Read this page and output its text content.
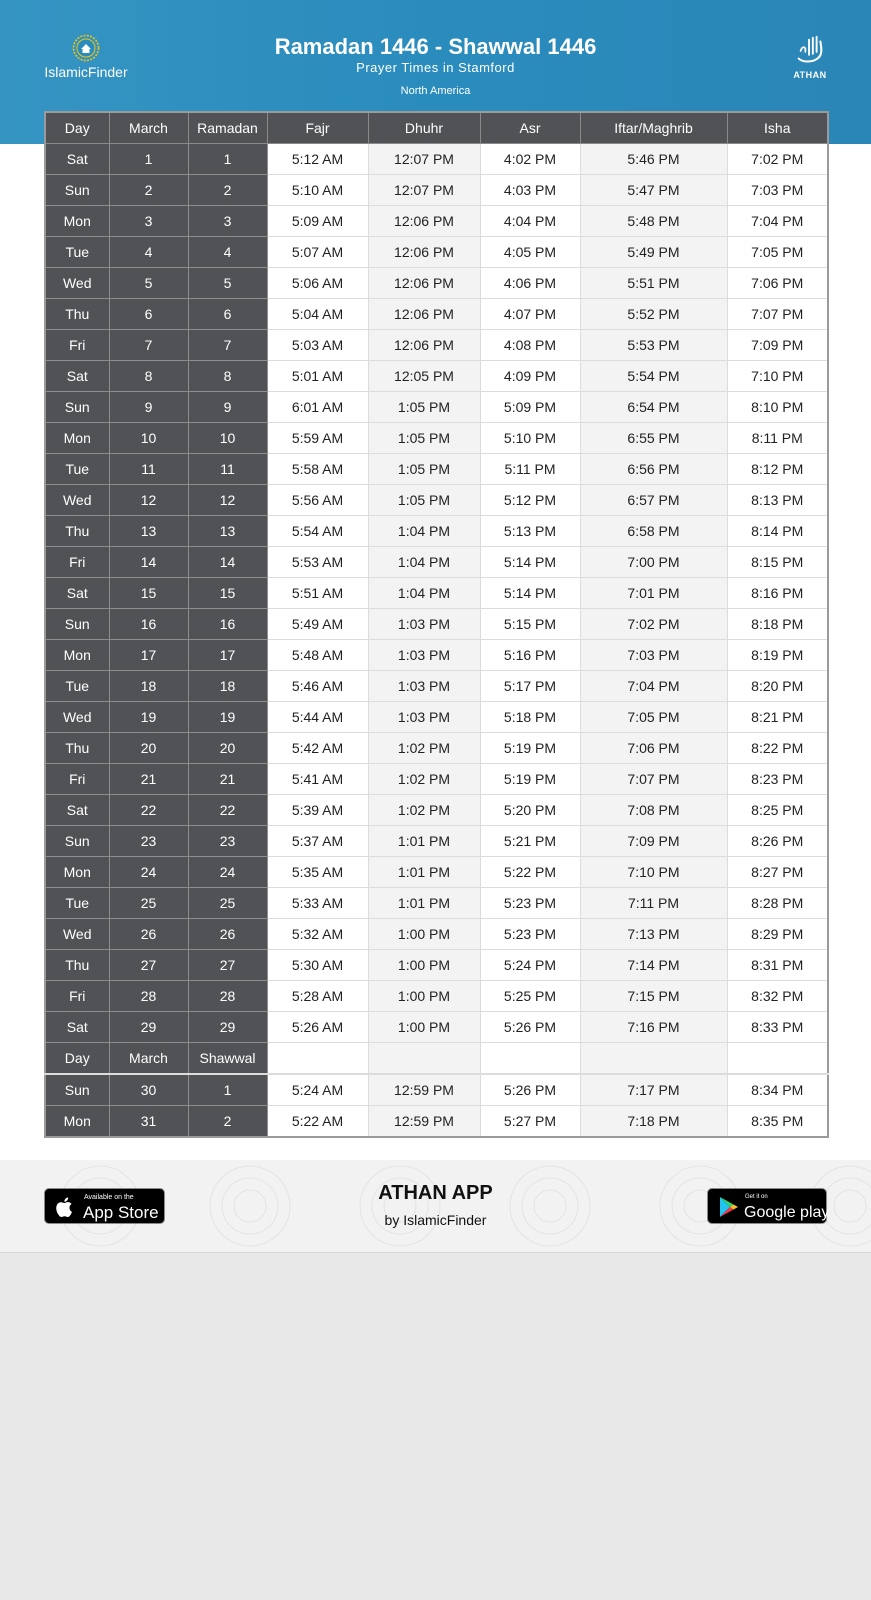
IslamicFinder
Ramadan 1446 - Shawwal 1446
Prayer Times in Stamford
North America
ATHAN
Day	March	Ramadan	Fajr	Dhuhr	Asr	Iftar/Maghrib	Isha
Sat	1	1	5:12 AM	12:07 PM	4:02 PM	5:46 PM	7:02 PM
Sun	2	2	5:10 AM	12:07 PM	4:03 PM	5:47 PM	7:03 PM
Mon	3	3	5:09 AM	12:06 PM	4:04 PM	5:48 PM	7:04 PM
Tue	4	4	5:07 AM	12:06 PM	4:05 PM	5:49 PM	7:05 PM
Wed	5	5	5:06 AM	12:06 PM	4:06 PM	5:51 PM	7:06 PM
Thu	6	6	5:04 AM	12:06 PM	4:07 PM	5:52 PM	7:07 PM
Fri	7	7	5:03 AM	12:06 PM	4:08 PM	5:53 PM	7:09 PM
Sat	8	8	5:01 AM	12:05 PM	4:09 PM	5:54 PM	7:10 PM
Sun	9	9	6:01 AM	1:05 PM	5:09 PM	6:54 PM	8:10 PM
Mon	10	10	5:59 AM	1:05 PM	5:10 PM	6:55 PM	8:11 PM
Tue	11	11	5:58 AM	1:05 PM	5:11 PM	6:56 PM	8:12 PM
Wed	12	12	5:56 AM	1:05 PM	5:12 PM	6:57 PM	8:13 PM
Thu	13	13	5:54 AM	1:04 PM	5:13 PM	6:58 PM	8:14 PM
Fri	14	14	5:53 AM	1:04 PM	5:14 PM	7:00 PM	8:15 PM
Sat	15	15	5:51 AM	1:04 PM	5:14 PM	7:01 PM	8:16 PM
Sun	16	16	5:49 AM	1:03 PM	5:15 PM	7:02 PM	8:18 PM
Mon	17	17	5:48 AM	1:03 PM	5:16 PM	7:03 PM	8:19 PM
Tue	18	18	5:46 AM	1:03 PM	5:17 PM	7:04 PM	8:20 PM
Wed	19	19	5:44 AM	1:03 PM	5:18 PM	7:05 PM	8:21 PM
Thu	20	20	5:42 AM	1:02 PM	5:19 PM	7:06 PM	8:22 PM
Fri	21	21	5:41 AM	1:02 PM	5:19 PM	7:07 PM	8:23 PM
Sat	22	22	5:39 AM	1:02 PM	5:20 PM	7:08 PM	8:25 PM
Sun	23	23	5:37 AM	1:01 PM	5:21 PM	7:09 PM	8:26 PM
Mon	24	24	5:35 AM	1:01 PM	5:22 PM	7:10 PM	8:27 PM
Tue	25	25	5:33 AM	1:01 PM	5:23 PM	7:11 PM	8:28 PM
Wed	26	26	5:32 AM	1:00 PM	5:23 PM	7:13 PM	8:29 PM
Thu	27	27	5:30 AM	1:00 PM	5:24 PM	7:14 PM	8:31 PM
Fri	28	28	5:28 AM	1:00 PM	5:25 PM	7:15 PM	8:32 PM
Sat	29	29	5:26 AM	1:00 PM	5:26 PM	7:16 PM	8:33 PM
Day	March	Shawwal					
Sun	30	1	5:24 AM	12:59 PM	5:26 PM	7:17 PM	8:34 PM
Mon	31	2	5:22 AM	12:59 PM	5:27 PM	7:18 PM	8:35 PM
Available on the
App Store
ATHAN APP
by IslamicFinder
Get it on
Google play
